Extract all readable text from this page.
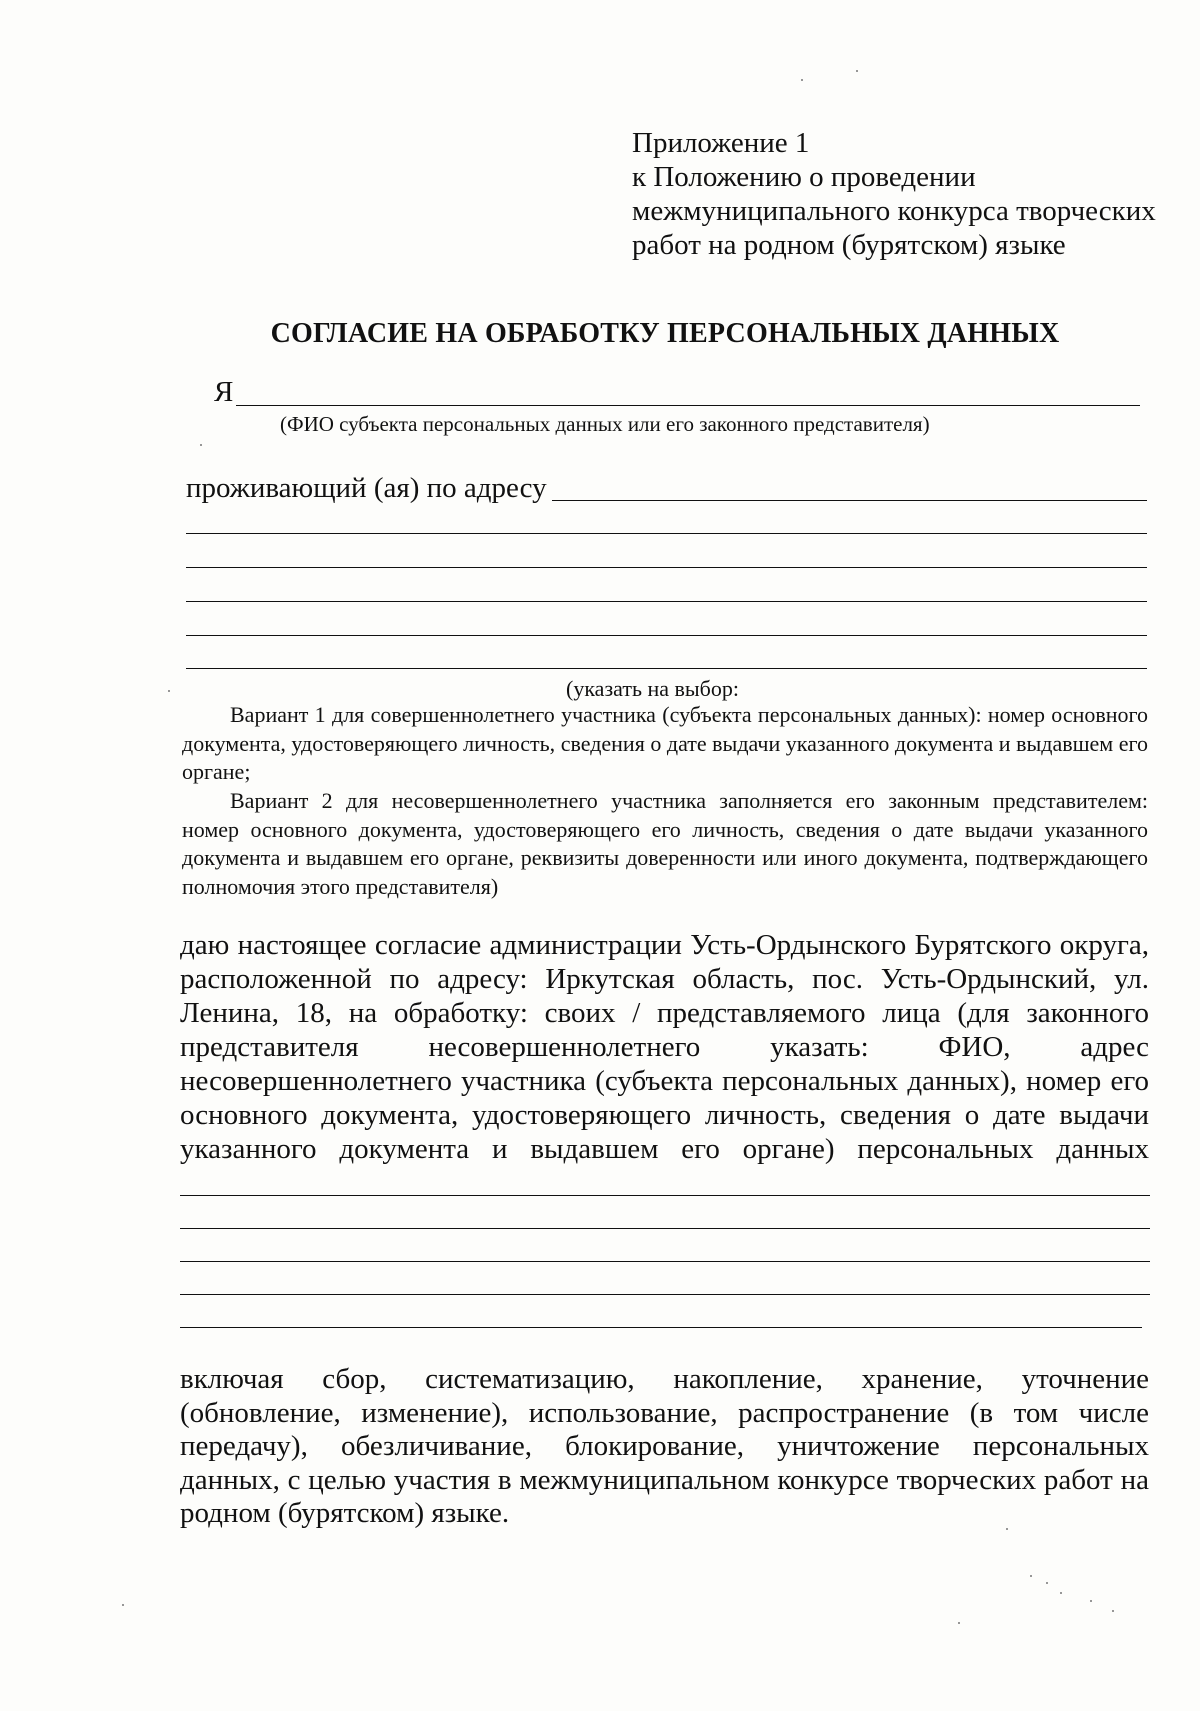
Приложение 1
к Положению о проведении
межмуниципального конкурса творческих
работ на родном (бурятском) языке
СОГЛАСИЕ НА ОБРАБОТКУ ПЕРСОНАЛЬНЫХ ДАННЫХ
Я
(ФИО субъекта персональных данных или его законного представителя)
проживающий (ая) по адресу
(указать на выбор:
Вариант 1 для совершеннолетнего участника (субъекта персональных данных): номер основного документа, удостоверяющего личность, сведения о дате выдачи указанного документа и выдавшем его органе;
Вариант 2 для несовершеннолетнего участника заполняется его законным представителем: номер основного документа, удостоверяющего его личность, сведения о дате выдачи указанного документа и выдавшем его органе, реквизиты доверенности или иного документа, подтверждающего полномочия этого представителя)
даю настоящее согласие администрации Усть-Ордынского Бурятского округа, расположенной по адресу: Иркутская область, пос. Усть-Ордынский, ул. Ленина, 18, на обработку: своих / представляемого лица (для законного представителя несовершеннолетнего указать: ФИО, адрес несовершеннолетнего участника (субъекта персональных данных), номер его основного документа, удостоверяющего личность, сведения о дате выдачи указанного документа и выдавшем его органе) персональных данных
включая сбор, систематизацию, накопление, хранение, уточнение (обновление, изменение), использование, распространение (в том числе передачу), обезличивание, блокирование, уничтожение персональных данных, с целью участия в межмуниципальном конкурсе творческих работ на родном (бурятском) языке.
